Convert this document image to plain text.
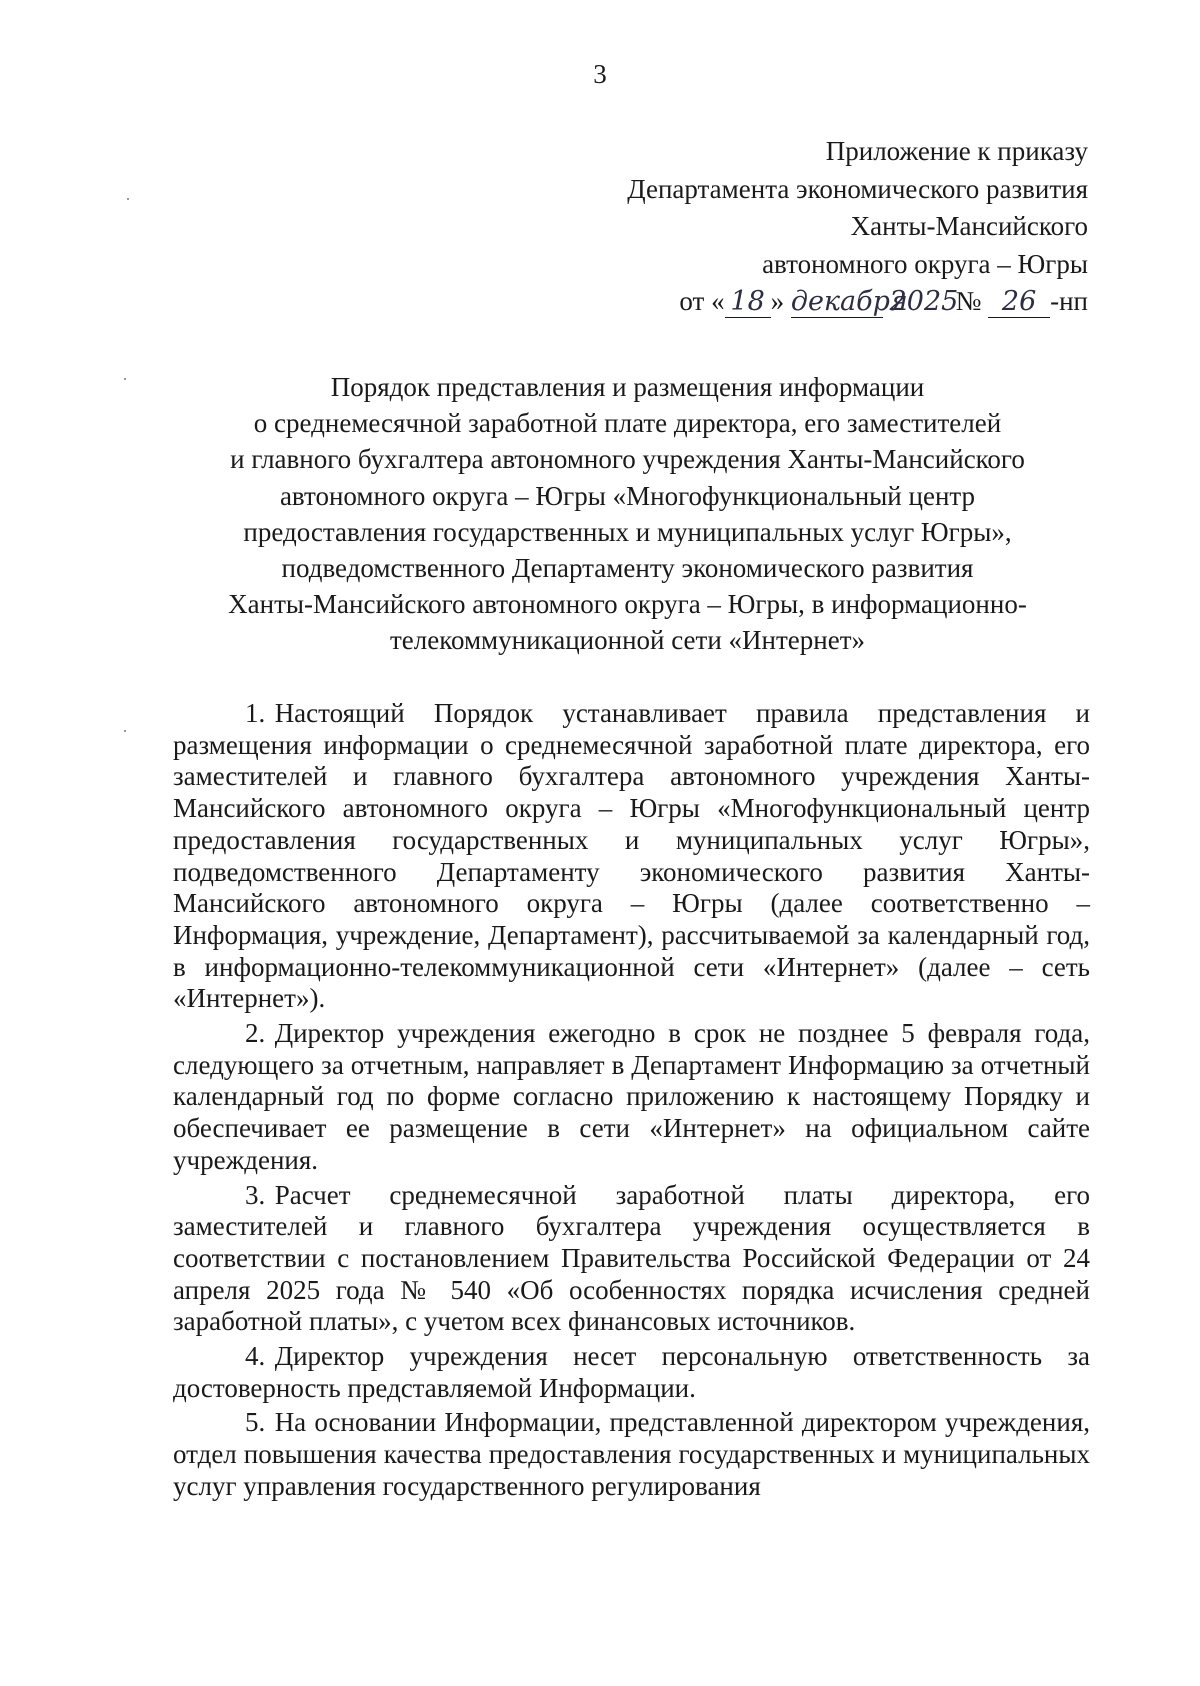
3
Приложение к приказу
Департамента экономического развития
Ханты-Мансийского
автономного округа – Югры
от « 18 » декабря 2025№ 26 -нп
Порядок представления и размещения информации
о среднемесячной заработной плате директора, его заместителей
и главного бухгалтера автономного учреждения Ханты-Мансийского
автономного округа – Югры «Многофункциональный центр
предоставления государственных и муниципальных услуг Югры»,
подведомственного Департаменту экономического развития
Ханты-Мансийского автономного округа – Югры, в информационно-
телекоммуникационной сети «Интернет»

1. Настоящий Порядок устанавливает правила представления и размещения информации о среднемесячной заработной плате директора, его заместителей и главного бухгалтера автономного учреждения Ханты-Мансийского автономного округа – Югры «Многофункциональный центр предоставления государственных и муниципальных услуг Югры», подведомственного Департаменту экономического развития Ханты-Мансийского автономного округа – Югры (далее соответственно – Информация, учреждение, Департамент), рассчитываемой за календарный год, в информационно-телекоммуникационной сети «Интернет» (далее – сеть «Интернет»).

2. Директор учреждения ежегодно в срок не позднее 5 февраля года, следующего за отчетным, направляет в Департамент Информацию за отчетный календарный год по форме согласно приложению к настоящему Порядку и обеспечивает ее размещение в сети «Интернет» на официальном сайте учреждения.

3. Расчет среднемесячной заработной платы директора, его заместителей и главного бухгалтера учреждения осуществляется в соответствии с постановлением Правительства Российской Федерации от 24 апреля 2025 года № 540 «Об особенностях порядка исчисления средней заработной платы», с учетом всех финансовых источников.

4. Директор учреждения несет персональную ответственность за достоверность представляемой Информации.

5. На основании Информации, представленной директором учреждения, отдел повышения качества предоставления государственных и муниципальных услуг управления государственного регулирования
